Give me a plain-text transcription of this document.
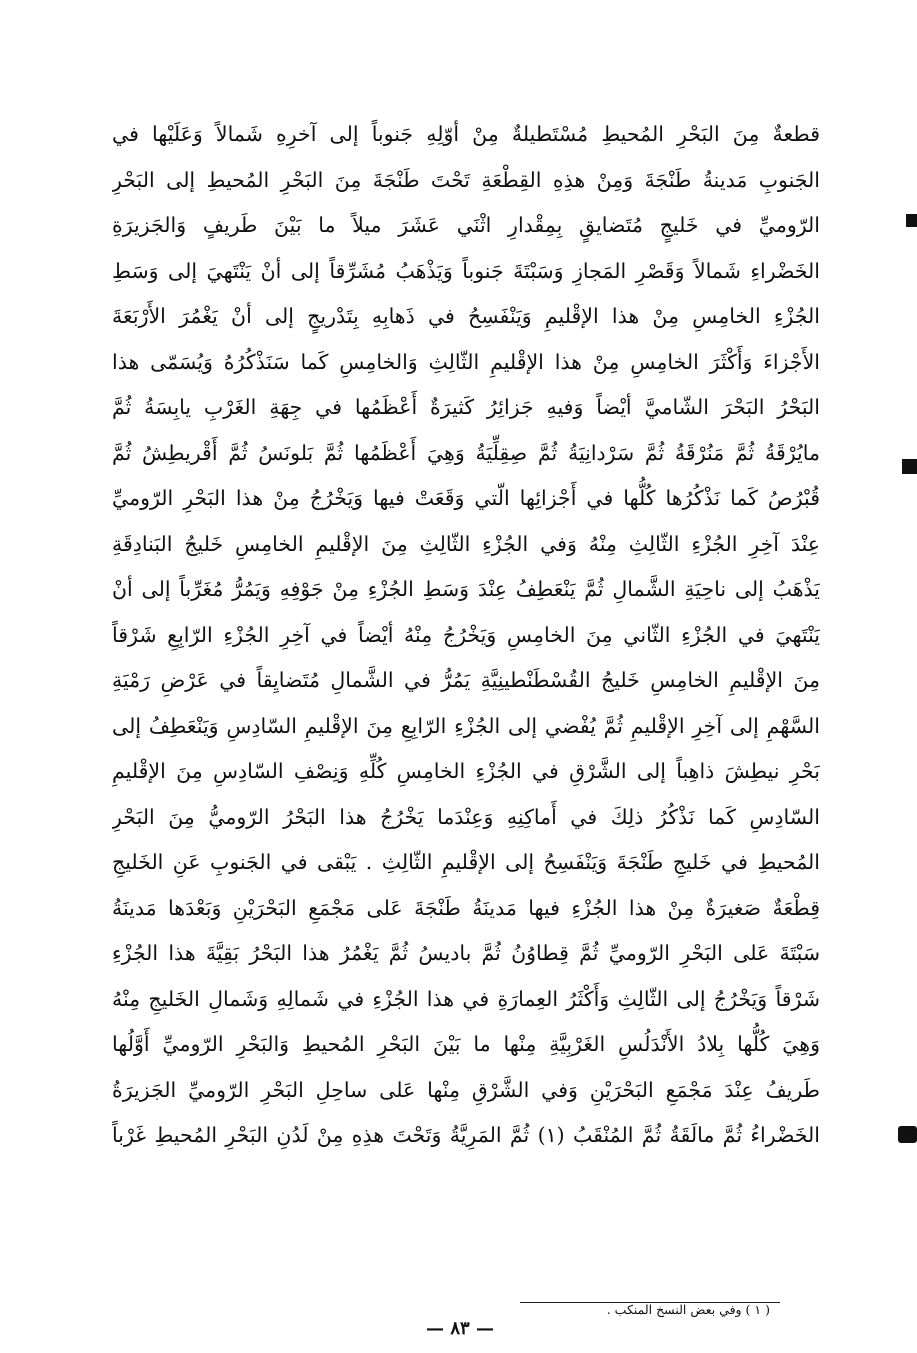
قطعةٌ مِنَ البَحْرِ المُحيطِ مُسْتَطيلةٌ مِنْ أوّلِهِ جَنوباً إلى آخرِهِ شَمالاً وَعَلَيْها في
الجَنوبِ مَدينةُ طَنْجَةَ وَمِنْ هذِهِ القِطْعَةِ تَحْتَ طَنْجَةَ مِنَ البَحْرِ المُحيطِ إلى البَحْرِ
الرّوميِّ في خَليجٍ مُتَضايقٍ بِمِقْدارِ اثْنَي عَشَرَ ميلاً ما بَيْنَ طَريفٍ وَالجَزيرَةِ
الخَضْراءِ شَمالاً وَقَصْرِ المَجازِ وَسَبْتَةَ جَنوباً وَيَذْهَبُ مُشَرِّقاً إلى أنْ يَنْتَهيَ إلى وَسَطِ
الجُزْءِ الخامِسِ مِنْ هذا الإقْليمِ وَيَنْفَسِحُ في ذَهابِهِ بِتَدْريجٍ إلى أنْ يَغْمُرَ الأَرْبَعَةَ
الأَجْزاءَ وَأَكْثَرَ الخامِسِ مِنْ هذا الإقْليمِ الثّالِثِ وَالخامِسِ كَما سَنَذْكُرُهُ وَيُسَمّى هذا
البَحْرُ البَحْرَ الشّاميَّ أيْضاً وَفيهِ جَزائِرُ كَثيرَةٌ أَعْظَمُها في جِهَةِ الغَرْبِ يابِسَةُ ثُمَّ
مايُرْقَةُ ثُمَّ مَنُرْقَةُ ثُمَّ سَرْدانِيَةُ ثُمَّ صِقِلِّيَةُ وَهِيَ أَعْظَمُها ثُمَّ بَلونَسُ ثُمَّ أَقْريطِشُ ثُمَّ
قُبْرُصُ كَما نَذْكُرُها كُلُّها في أَجْزائِها الّتي وَقَعَتْ فيها وَيَخْرُجُ مِنْ هذا البَحْرِ الرّوميِّ
عِنْدَ آخِرِ الجُزْءِ الثّالِثِ مِنْهُ وَفي الجُزْءِ الثّالِثِ مِنَ الإقْليمِ الخامِسِ خَليجُ البَنادِقَةِ
يَذْهَبُ إلى ناحِيَةِ الشَّمالِ ثُمَّ يَنْعَطِفُ عِنْدَ وَسَطِ الجُزْءِ مِنْ جَوْفِهِ وَيَمُرُّ مُغَرِّباً إلى أنْ
يَنْتَهيَ في الجُزْءِ الثّاني مِنَ الخامِسِ وَيَخْرُجُ مِنْهُ أيْضاً في آخِرِ الجُزْءِ الرّابِعِ شَرْقاً
مِنَ الإقْليمِ الخامِسِ خَليجُ القُسْطَنْطينِيَّةِ يَمُرُّ في الشَّمالِ مُتَضايِقاً في عَرْضِ رَمْيَةِ
السَّهْمِ إلى آخِرِ الإقْليمِ ثُمَّ يُفْضي إلى الجُزْءِ الرّابِعِ مِنَ الإقْليمِ السّادِسِ وَيَنْعَطِفُ إلى
بَحْرِ نيطِشَ ذاهِباً إلى الشَّرْقِ في الجُزْءِ الخامِسِ كُلِّهِ وَنِصْفِ السّادِسِ مِنَ الإقْليمِ
السّادِسِ كَما نَذْكُرُ ذلِكَ في أَماكِنِهِ وَعِنْدَما يَخْرُجُ هذا البَحْرُ الرّوميُّ مِنَ البَحْرِ
المُحيطِ في خَليجِ طَنْجَةَ وَيَنْفَسِحُ إلى الإقْليمِ الثّالِثِ . يَبْقى في الجَنوبِ عَنِ الخَليجِ
قِطْعَةٌ صَغيرَةٌ مِنْ هذا الجُزْءِ فيها مَدينَةُ طَنْجَةَ عَلى مَجْمَعِ البَحْرَيْنِ وَبَعْدَها مَدينَةُ
سَبْتَةَ عَلى البَحْرِ الرّوميِّ ثُمَّ قِطاوُنُ ثُمَّ باديسُ ثُمَّ يَغْمُرُ هذا البَحْرُ بَقِيَّةَ هذا الجُزْءِ
شَرْقاً وَيَخْرُجُ إلى الثّالِثِ وَأَكْثَرُ العِمارَةِ في هذا الجُزْءِ في شَمالِهِ وَشَمالِ الخَليجِ مِنْهُ
وَهِيَ كُلُّها بِلادُ الأَنْدَلُسِ الغَرْبِيَّةِ مِنْها ما بَيْنَ البَحْرِ المُحيطِ وَالبَحْرِ الرّوميِّ أَوَّلُها
طَريفُ عِنْدَ مَجْمَعِ البَحْرَيْنِ وَفي الشَّرْقِ مِنْها عَلى ساحِلِ البَحْرِ الرّوميِّ الجَزيرَةُ
الخَضْراءُ ثُمَّ مالَقَةُ ثُمَّ المُنْقَبُ (١) ثُمَّ المَرِيَّةُ وَتَحْتَ هذِهِ مِنْ لَدُنِ البَحْرِ المُحيطِ غَرْباً
( ١ ) وفي بعض النسخ المنكب .
— ٨٣ —
